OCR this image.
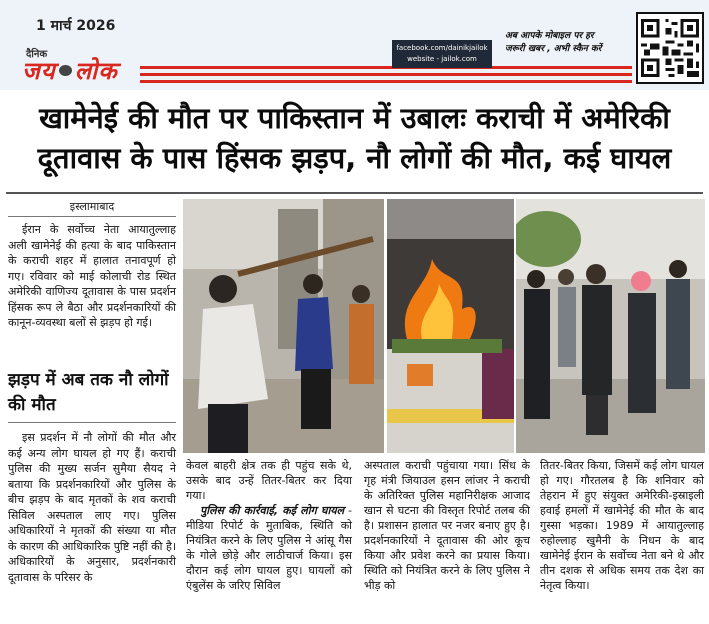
1 मार्च 2026
दैनिक
जय लोक
facebook.com/dainikjailok
website - jailok.com
अब आपके मोबाइल पर हर
जरूरी खबर , अभी स्कैन करें
खामेनेई की मौत पर पाकिस्तान में उबालः कराची में अमेरिकी
दूतावास के पास हिंसक झड़प, नौ लोगों की मौत, कई घायल
इस्लामाबाद

ईरान के सर्वोच्च नेता आयातुल्लाह अली खामेनेई की हत्या के बाद पाकिस्तान के कराची शहर में हालात तनावपूर्ण हो गए। रविवार को माई कोलाची रोड स्थित अमेरिकी वाणिज्य दूतावास के पास प्रदर्शन हिंसक रूप ले बैठा और प्रदर्शनकारियों की कानून-व्यवस्था बलों से झड़प हो गई।

झड़प में अब तक नौ लोगों की मौत

इस प्रदर्शन में नौ लोगों की मौत और कई अन्य लोग घायल हो गए हैं। कराची पुलिस की मुख्य सर्जन सुमैया सैयद ने बताया कि प्रदर्शनकारियों और पुलिस के बीच झड़प के बाद मृतकों के शव कराची सिविल अस्पताल लाए गए। पुलिस अधिकारियों ने मृतकों की संख्या या मौत के कारण की आधिकारिक पुष्टि नहीं की है। अधिकारियों के अनुसार, प्रदर्शनकारी दूतावास के परिसर के

केवल बाहरी क्षेत्र तक ही पहुंच सके थे, उसके बाद उन्हें तितर-बितर कर दिया गया।

पुलिस की कार्रवाई, कई लोग घायल - मीडिया रिपोर्ट के मुताबिक, स्थिति को नियंत्रित करने के लिए पुलिस ने आंसू गैस के गोले छोड़े और लाठीचार्ज किया। इस दौरान कई लोग घायल हुए। घायलों को एंबुलेंस के जरिए सिविल

अस्पताल कराची पहुंचाया गया। सिंध के गृह मंत्री जियाउल हसन लांजर ने कराची के अतिरिक्त पुलिस महानिरीक्षक आजाद खान से घटना की विस्तृत रिपोर्ट तलब की है। प्रशासन हालात पर नजर बनाए हुए है। प्रदर्शनकारियों ने दूतावास की ओर कूच किया और प्रवेश करने का प्रयास किया। स्थिति को नियंत्रित करने के लिए पुलिस ने भीड़ को

तितर-बितर किया, जिसमें कई लोग घायल हो गए। गौरतलब है कि शनिवार को तेहरान में हुए संयुक्त अमेरिकी-इस्राइली हवाई हमलों में खामेनेई की मौत के बाद गुस्सा भड़का। 1989 में आयातुल्लाह रुहोल्लाह खुमैनी के निधन के बाद खामेनेई ईरान के सर्वोच्च नेता बने थे और तीन दशक से अधिक समय तक देश का नेतृत्व किया।
